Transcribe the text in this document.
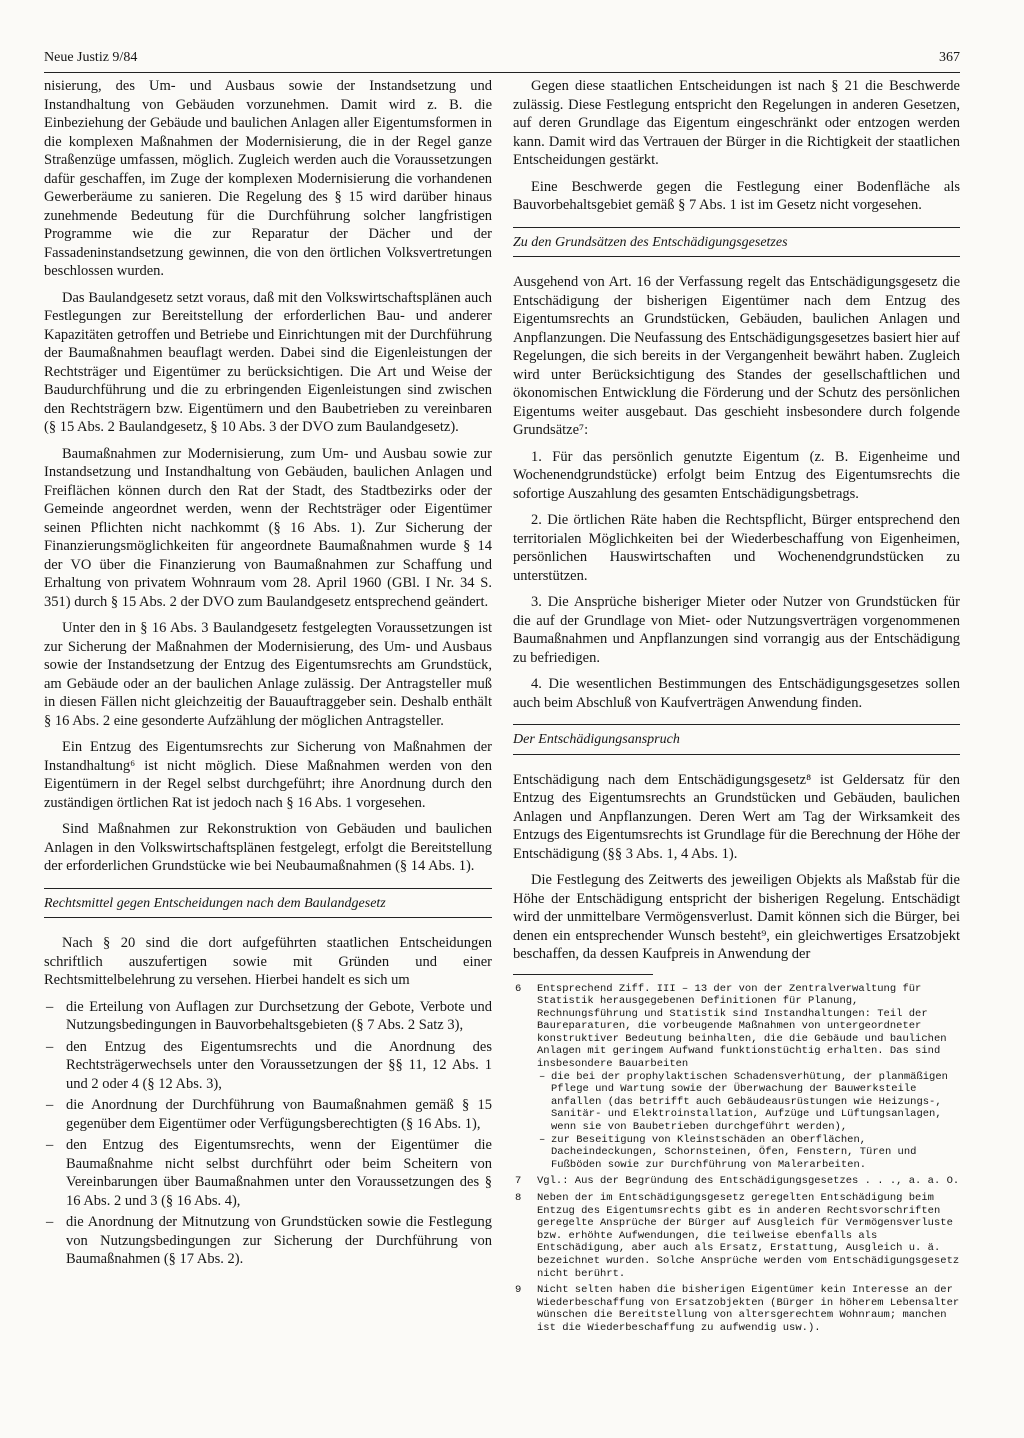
Neue Justiz 9/84	367

nisierung, des Um- und Ausbaus sowie der Instandsetzung und Instandhaltung von Gebäuden vorzunehmen. Damit wird z. B. die Einbeziehung der Gebäude und baulichen Anlagen aller Eigentumsformen in die komplexen Maßnahmen der Modernisierung, die in der Regel ganze Straßenzüge umfassen, möglich. Zugleich werden auch die Voraussetzungen dafür geschaffen, im Zuge der komplexen Modernisierung die vorhandenen Gewerberäume zu sanieren. Die Regelung des § 15 wird darüber hinaus zunehmende Bedeutung für die Durchführung solcher langfristigen Programme wie die zur Reparatur der Dächer und der Fassadeninstandsetzung gewinnen, die von den örtlichen Volksvertretungen beschlossen wurden.

Das Baulandgesetz setzt voraus, daß mit den Volkswirtschaftsplänen auch Festlegungen zur Bereitstellung der erforderlichen Bau- und anderer Kapazitäten getroffen und Betriebe und Einrichtungen mit der Durchführung der Baumaßnahmen beauflagt werden. Dabei sind die Eigenleistungen der Rechtsträger und Eigentümer zu berücksichtigen. Die Art und Weise der Baudurchführung und die zu erbringenden Eigenleistungen sind zwischen den Rechtsträgern bzw. Eigentümern und den Baubetrieben zu vereinbaren (§ 15 Abs. 2 Baulandgesetz, § 10 Abs. 3 der DVO zum Baulandgesetz).

Baumaßnahmen zur Modernisierung, zum Um- und Ausbau sowie zur Instandsetzung und Instandhaltung von Gebäuden, baulichen Anlagen und Freiflächen können durch den Rat der Stadt, des Stadtbezirks oder der Gemeinde angeordnet werden, wenn der Rechtsträger oder Eigentümer seinen Pflichten nicht nachkommt (§ 16 Abs. 1). Zur Sicherung der Finanzierungsmöglichkeiten für angeordnete Baumaßnahmen wurde § 14 der VO über die Finanzierung von Baumaßnahmen zur Schaffung und Erhaltung von privatem Wohnraum vom 28. April 1960 (GBl. I Nr. 34 S. 351) durch § 15 Abs. 2 der DVO zum Baulandgesetz entsprechend geändert.

Unter den in § 16 Abs. 3 Baulandgesetz festgelegten Voraussetzungen ist zur Sicherung der Maßnahmen der Modernisierung, des Um- und Ausbaus sowie der Instandsetzung der Entzug des Eigentumsrechts am Grundstück, am Gebäude oder an der baulichen Anlage zulässig. Der Antragsteller muß in diesen Fällen nicht gleichzeitig der Bauauftraggeber sein. Deshalb enthält § 16 Abs. 2 eine gesonderte Aufzählung der möglichen Antragsteller.

Ein Entzug des Eigentumsrechts zur Sicherung von Maßnahmen der Instandhaltung⁶ ist nicht möglich. Diese Maßnahmen werden von den Eigentümern in der Regel selbst durchgeführt; ihre Anordnung durch den zuständigen örtlichen Rat ist jedoch nach § 16 Abs. 1 vorgesehen.

Sind Maßnahmen zur Rekonstruktion von Gebäuden und baulichen Anlagen in den Volkswirtschaftsplänen festgelegt, erfolgt die Bereitstellung der erforderlichen Grundstücke wie bei Neubaumaßnahmen (§ 14 Abs. 1).

Rechtsmittel gegen Entscheidungen nach dem Baulandgesetz

Nach § 20 sind die dort aufgeführten staatlichen Entscheidungen schriftlich auszufertigen sowie mit Gründen und einer Rechtsmittelbelehrung zu versehen. Hierbei handelt es sich um

– die Erteilung von Auflagen zur Durchsetzung der Gebote, Verbote und Nutzungsbedingungen in Bauvorbehaltsgebieten (§ 7 Abs. 2 Satz 3),
– den Entzug des Eigentumsrechts und die Anordnung des Rechtsträgerwechsels unter den Voraussetzungen der §§ 11, 12 Abs. 1 und 2 oder 4 (§ 12 Abs. 3),
– die Anordnung der Durchführung von Baumaßnahmen gemäß § 15 gegenüber dem Eigentümer oder Verfügungsberechtigten (§ 16 Abs. 1),
– den Entzug des Eigentumsrechts, wenn der Eigentümer die Baumaßnahme nicht selbst durchführt oder beim Scheitern von Vereinbarungen über Baumaßnahmen unter den Voraussetzungen des § 16 Abs. 2 und 3 (§ 16 Abs. 4),
– die Anordnung der Mitnutzung von Grundstücken sowie die Festlegung von Nutzungsbedingungen zur Sicherung der Durchführung von Baumaßnahmen (§ 17 Abs. 2).

Gegen diese staatlichen Entscheidungen ist nach § 21 die Beschwerde zulässig. Diese Festlegung entspricht den Regelungen in anderen Gesetzen, auf deren Grundlage das Eigentum eingeschränkt oder entzogen werden kann. Damit wird das Vertrauen der Bürger in die Richtigkeit der staatlichen Entscheidungen gestärkt.

Eine Beschwerde gegen die Festlegung einer Bodenfläche als Bauvorbehaltsgebiet gemäß § 7 Abs. 1 ist im Gesetz nicht vorgesehen.

Zu den Grundsätzen des Entschädigungsgesetzes

Ausgehend von Art. 16 der Verfassung regelt das Entschädigungsgesetz die Entschädigung der bisherigen Eigentümer nach dem Entzug des Eigentumsrechts an Grundstücken, Gebäuden, baulichen Anlagen und Anpflanzungen. Die Neufassung des Entschädigungsgesetzes basiert hier auf Regelungen, die sich bereits in der Vergangenheit bewährt haben. Zugleich wird unter Berücksichtigung des Standes der gesellschaftlichen und ökonomischen Entwicklung die Förderung und der Schutz des persönlichen Eigentums weiter ausgebaut. Das geschieht insbesondere durch folgende Grundsätze⁷:

1. Für das persönlich genutzte Eigentum (z. B. Eigenheime und Wochenendgrundstücke) erfolgt beim Entzug des Eigentumsrechts die sofortige Auszahlung des gesamten Entschädigungsbetrags.

2. Die örtlichen Räte haben die Rechtspflicht, Bürger entsprechend den territorialen Möglichkeiten bei der Wiederbeschaffung von Eigenheimen, persönlichen Hauswirtschaften und Wochenendgrundstücken zu unterstützen.

3. Die Ansprüche bisheriger Mieter oder Nutzer von Grundstücken für die auf der Grundlage von Miet- oder Nutzungsverträgen vorgenommenen Baumaßnahmen und Anpflanzungen sind vorrangig aus der Entschädigung zu befriedigen.

4. Die wesentlichen Bestimmungen des Entschädigungsgesetzes sollen auch beim Abschluß von Kaufverträgen Anwendung finden.

Der Entschädigungsanspruch

Entschädigung nach dem Entschädigungsgesetz⁸ ist Geldersatz für den Entzug des Eigentumsrechts an Grundstücken und Gebäuden, baulichen Anlagen und Anpflanzungen. Deren Wert am Tag der Wirksamkeit des Entzugs des Eigentumsrechts ist Grundlage für die Berechnung der Höhe der Entschädigung (§§ 3 Abs. 1, 4 Abs. 1).

Die Festlegung des Zeitwerts des jeweiligen Objekts als Maßstab für die Höhe der Entschädigung entspricht der bisherigen Regelung. Entschädigt wird der unmittelbare Vermögensverlust. Damit können sich die Bürger, bei denen ein entsprechender Wunsch besteht⁹, ein gleichwertiges Ersatzobjekt beschaffen, da dessen Kaufpreis in Anwendung der

6 Entsprechend Ziff. III – 13 der von der Zentralverwaltung für Statistik herausgegebenen Definitionen für Planung, Rechnungsführung und Statistik sind Instandhaltungen: Teil der Baureparaturen, die vorbeugende Maßnahmen von untergeordneter konstruktiver Bedeutung beinhalten, die die Gebäude und baulichen Anlagen mit geringem Aufwand funktionstüchtig erhalten. Das sind insbesondere Bauarbeiten
– die bei der prophylaktischen Schadensverhütung, der planmäßigen Pflege und Wartung sowie der Überwachung der Bauwerksteile anfallen (das betrifft auch Gebäudeausrüstungen wie Heizungs-, Sanitär- und Elektroinstallation, Aufzüge und Lüftungsanlagen, wenn sie von Baubetrieben durchgeführt werden),
– zur Beseitigung von Kleinstschäden an Oberflächen, Dacheindeckungen, Schornsteinen, Öfen, Fenstern, Türen und Fußböden sowie zur Durchführung von Malerarbeiten.
7 Vgl.: Aus der Begründung des Entschädigungsgesetzes . . ., a. a. O.
8 Neben der im Entschädigungsgesetz geregelten Entschädigung beim Entzug des Eigentumsrechts gibt es in anderen Rechtsvorschriften geregelte Ansprüche der Bürger auf Ausgleich für Vermögensverluste bzw. erhöhte Aufwendungen, die teilweise ebenfalls als Entschädigung, aber auch als Ersatz, Erstattung, Ausgleich u. ä. bezeichnet wurden. Solche Ansprüche werden vom Entschädigungsgesetz nicht berührt.
9 Nicht selten haben die bisherigen Eigentümer kein Interesse an der Wiederbeschaffung von Ersatzobjekten (Bürger in höherem Lebensalter wünschen die Bereitstellung von altersgerechtem Wohnraum; manchen ist die Wiederbeschaffung zu aufwendig usw.).
